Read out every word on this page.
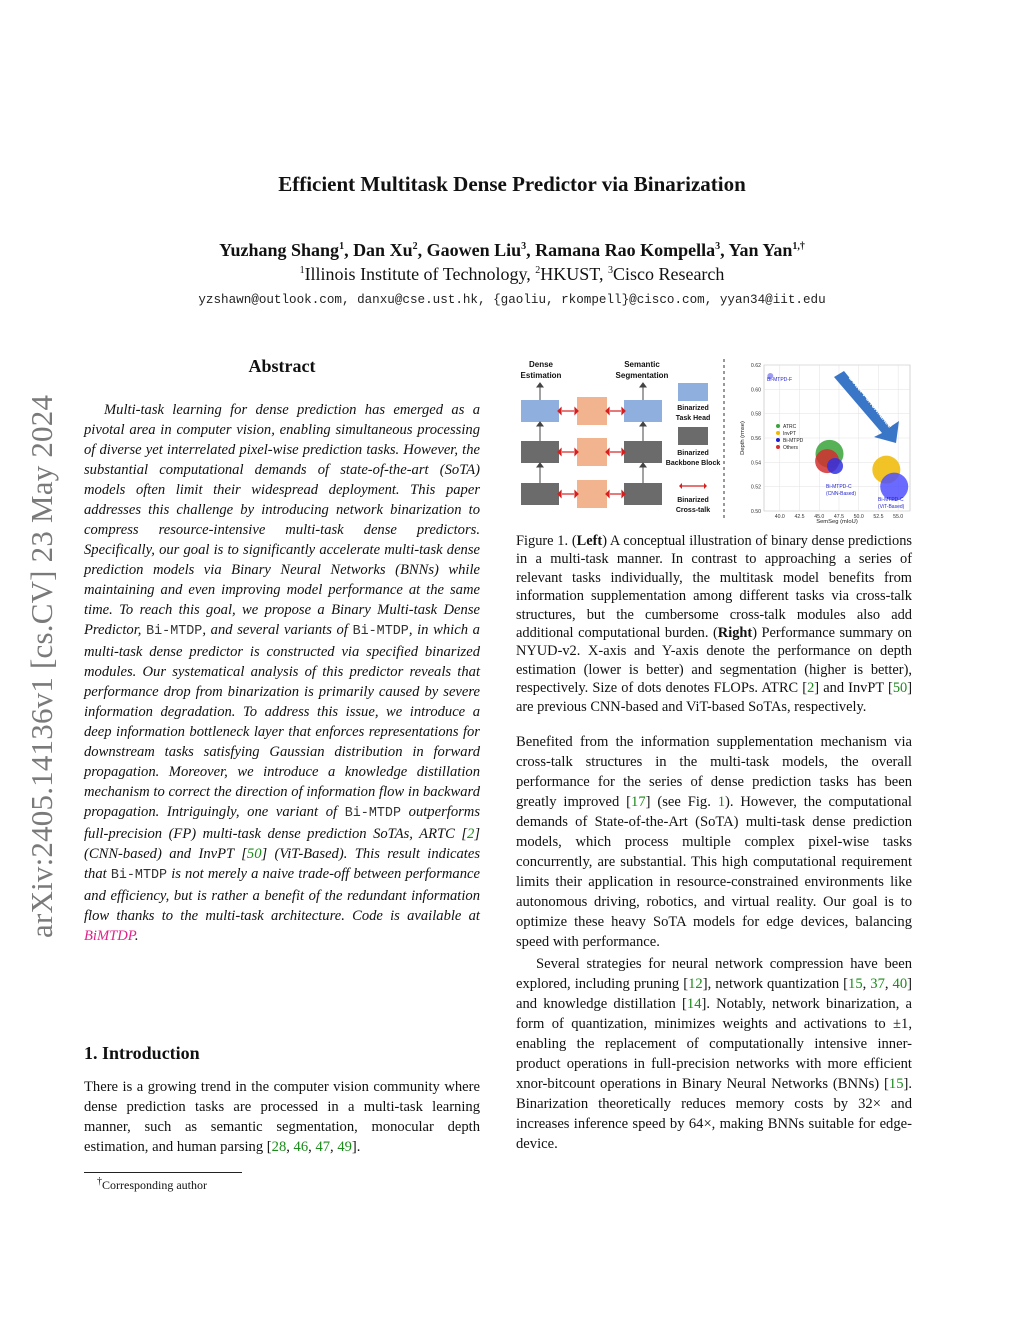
Efficient Multitask Dense Predictor via Binarization
Yuzhang Shang$^1$, Dan Xu$^2$, Gaowen Liu$^3$, Ramana Rao Kompella$^3$, Yan Yan$^{1,\dagger}$
$^1$Illinois Institute of Technology, $^2$HKUST, $^3$Cisco Research
yzshawn@outlook.com, danxu@cse.ust.hk, {gaoliu, rkompell}@cisco.com, yyan34@iit.edu
arXiv:2405.14136v1 [cs.CV] 23 May 2024
Abstract
Multi-task learning for dense prediction has emerged as a pivotal area in computer vision, enabling simultaneous processing of diverse yet interrelated pixel-wise prediction tasks. However, the substantial computational demands of state-of-the-art (SoTA) models often limit their widespread deployment. This paper addresses this challenge by introducing network binarization to compress resource-intensive multi-task dense predictors. Specifically, our goal is to significantly accelerate multi-task dense prediction models via Binary Neural Networks (BNNs) while maintaining and even improving model performance at the same time. To reach this goal, we propose a Binary Multi-task Dense Predictor, Bi-MTDP, and several variants of Bi-MTDP, in which a multi-task dense predictor is constructed via specified binarized modules. Our systematical analysis of this predictor reveals that performance drop from binarization is primarily caused by severe information degradation. To address this issue, we introduce a deep information bottleneck layer that enforces representations for downstream tasks satisfying Gaussian distribution in forward propagation. Moreover, we introduce a knowledge distillation mechanism to correct the direction of information flow in backward propagation. Intriguingly, one variant of Bi-MTDP outperforms full-precision (FP) multi-task dense prediction SoTAs, ARTC [2] (CNN-based) and InvPT [50] (ViT-Based). This result indicates that Bi-MTDP is not merely a naive trade-off between performance and efficiency, but is rather a benefit of the redundant information flow thanks to the multi-task architecture. Code is available at BiMTDP.
1. Introduction
There is a growing trend in the computer vision community where dense prediction tasks are processed in a multi-task learning manner, such as semantic segmentation, monocular depth estimation, and human parsing [28, 46, 47, 49].
†Corresponding author
Dense
Estimation
Semantic
Segmentation
Binarized
Task Head
Binarized
Backbone Block
Binarized
Cross-talk
40.0 42.5 45.0 47.5 50.0 52.5 55.0
0.50
0.52
0.54
0.56
0.58
0.60
0.62
SemSeg (mIoU)
Depth (rmse)
Better Performance
ATRC
InvPT
Bi-MTPD
Others
Bi-MTPD-F
Bi-MTPD-C
(CNN-Based)
Bi-MTPD-C
(ViT-Based)
Figure 1. (Left) A conceptual illustration of binary dense predictions in a multi-task manner. In contrast to approaching a series of relevant tasks individually, the multitask model benefits from information supplementation among different tasks via cross-talk structures, but the cumbersome cross-talk modules also add additional computational burden. (Right) Performance summary on NYUD-v2. X-axis and Y-axis denote the performance on depth estimation (lower is better) and segmentation (higher is better), respectively. Size of dots denotes FLOPs. ATRC [2] and InvPT [50] are previous CNN-based and ViT-based SoTAs, respectively.

Benefited from the information supplementation mechanism via cross-talk structures in the multi-task models, the overall performance for the series of dense prediction tasks has been greatly improved [17] (see Fig. 1). However, the computational demands of State-of-the-Art (SoTA) multi-task dense prediction models, which process multiple complex pixel-wise tasks concurrently, are substantial. This high computational requirement limits their application in resource-constrained environments like autonomous driving, robotics, and virtual reality. Our goal is to optimize these heavy SoTA models for edge devices, balancing speed with performance.

Several strategies for neural network compression have been explored, including pruning [12], network quantization [15, 37, 40] and knowledge distillation [14]. Notably, network binarization, a form of quantization, minimizes weights and activations to ±1, enabling the replacement of computationally intensive inner-product operations in full-precision networks with more efficient xnor-bitcount operations in Binary Neural Networks (BNNs) [15]. Binarization theoretically reduces memory costs by 32× and increases inference speed by 64×, making BNNs suitable for edge-device.
